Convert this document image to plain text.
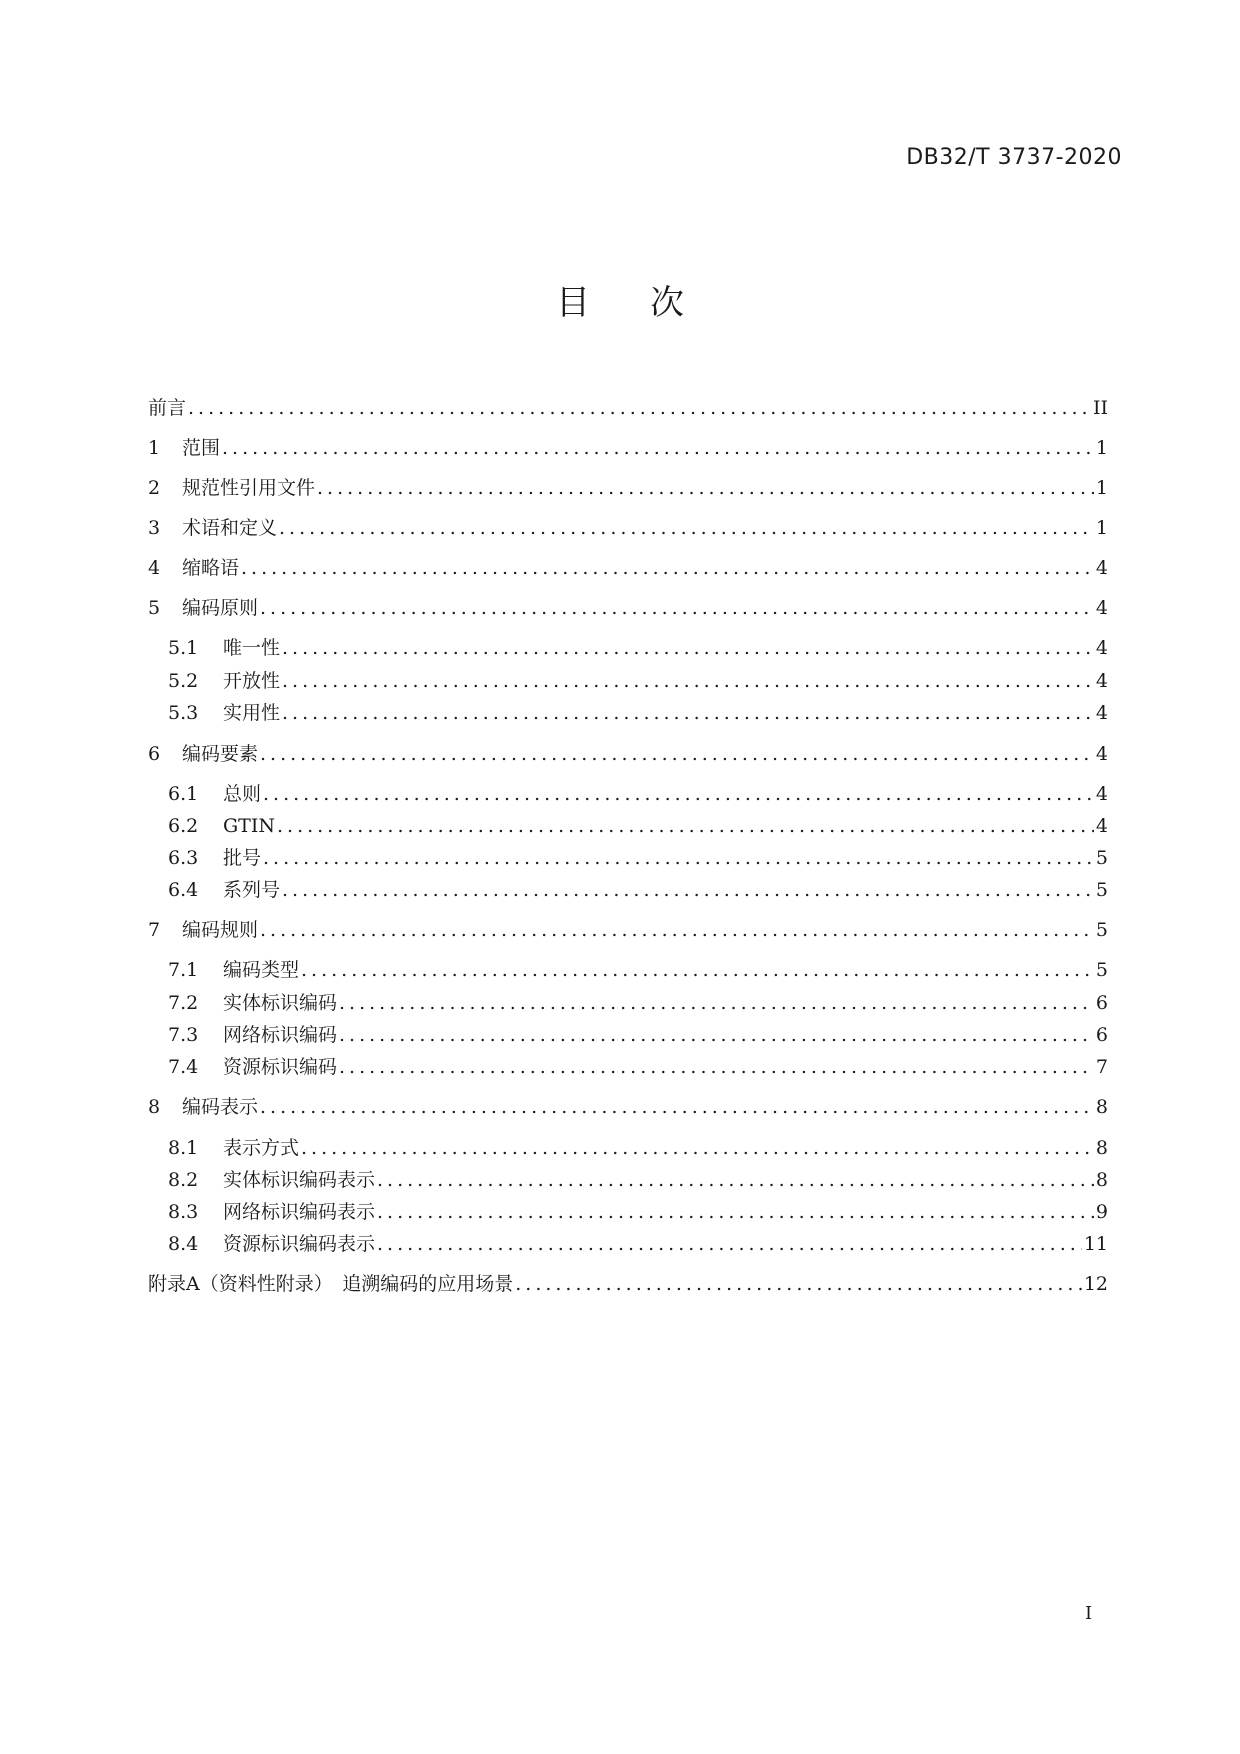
DB32/T 3737-2020
目 次
前言 .....	II
1	范围 .....	1
2	规范性引用文件 .....	1
3	术语和定义 .....	1
4	缩略语 .....	4
5	编码原则 .....	4
5.1	唯一性 .....	4
5.2	开放性 .....	4
5.3	实用性 .....	4
6	编码要素 .....	4
6.1	总则 .....	4
6.2	GTIN .....	4
6.3	批号 .....	5
6.4	系列号 .....	5
7	编码规则 .....	5
7.1	编码类型 .....	5
7.2	实体标识编码 .....	6
7.3	网络标识编码 .....	6
7.4	资源标识编码 .....	7
8	编码表示 .....	8
8.1	表示方式 .....	8
8.2	实体标识编码表示 .....	8
8.3	网络标识编码表示 .....	9
8.4	资源标识编码表示 .....	11
附录A（资料性附录）　追溯编码的应用场景 .....	12
I
